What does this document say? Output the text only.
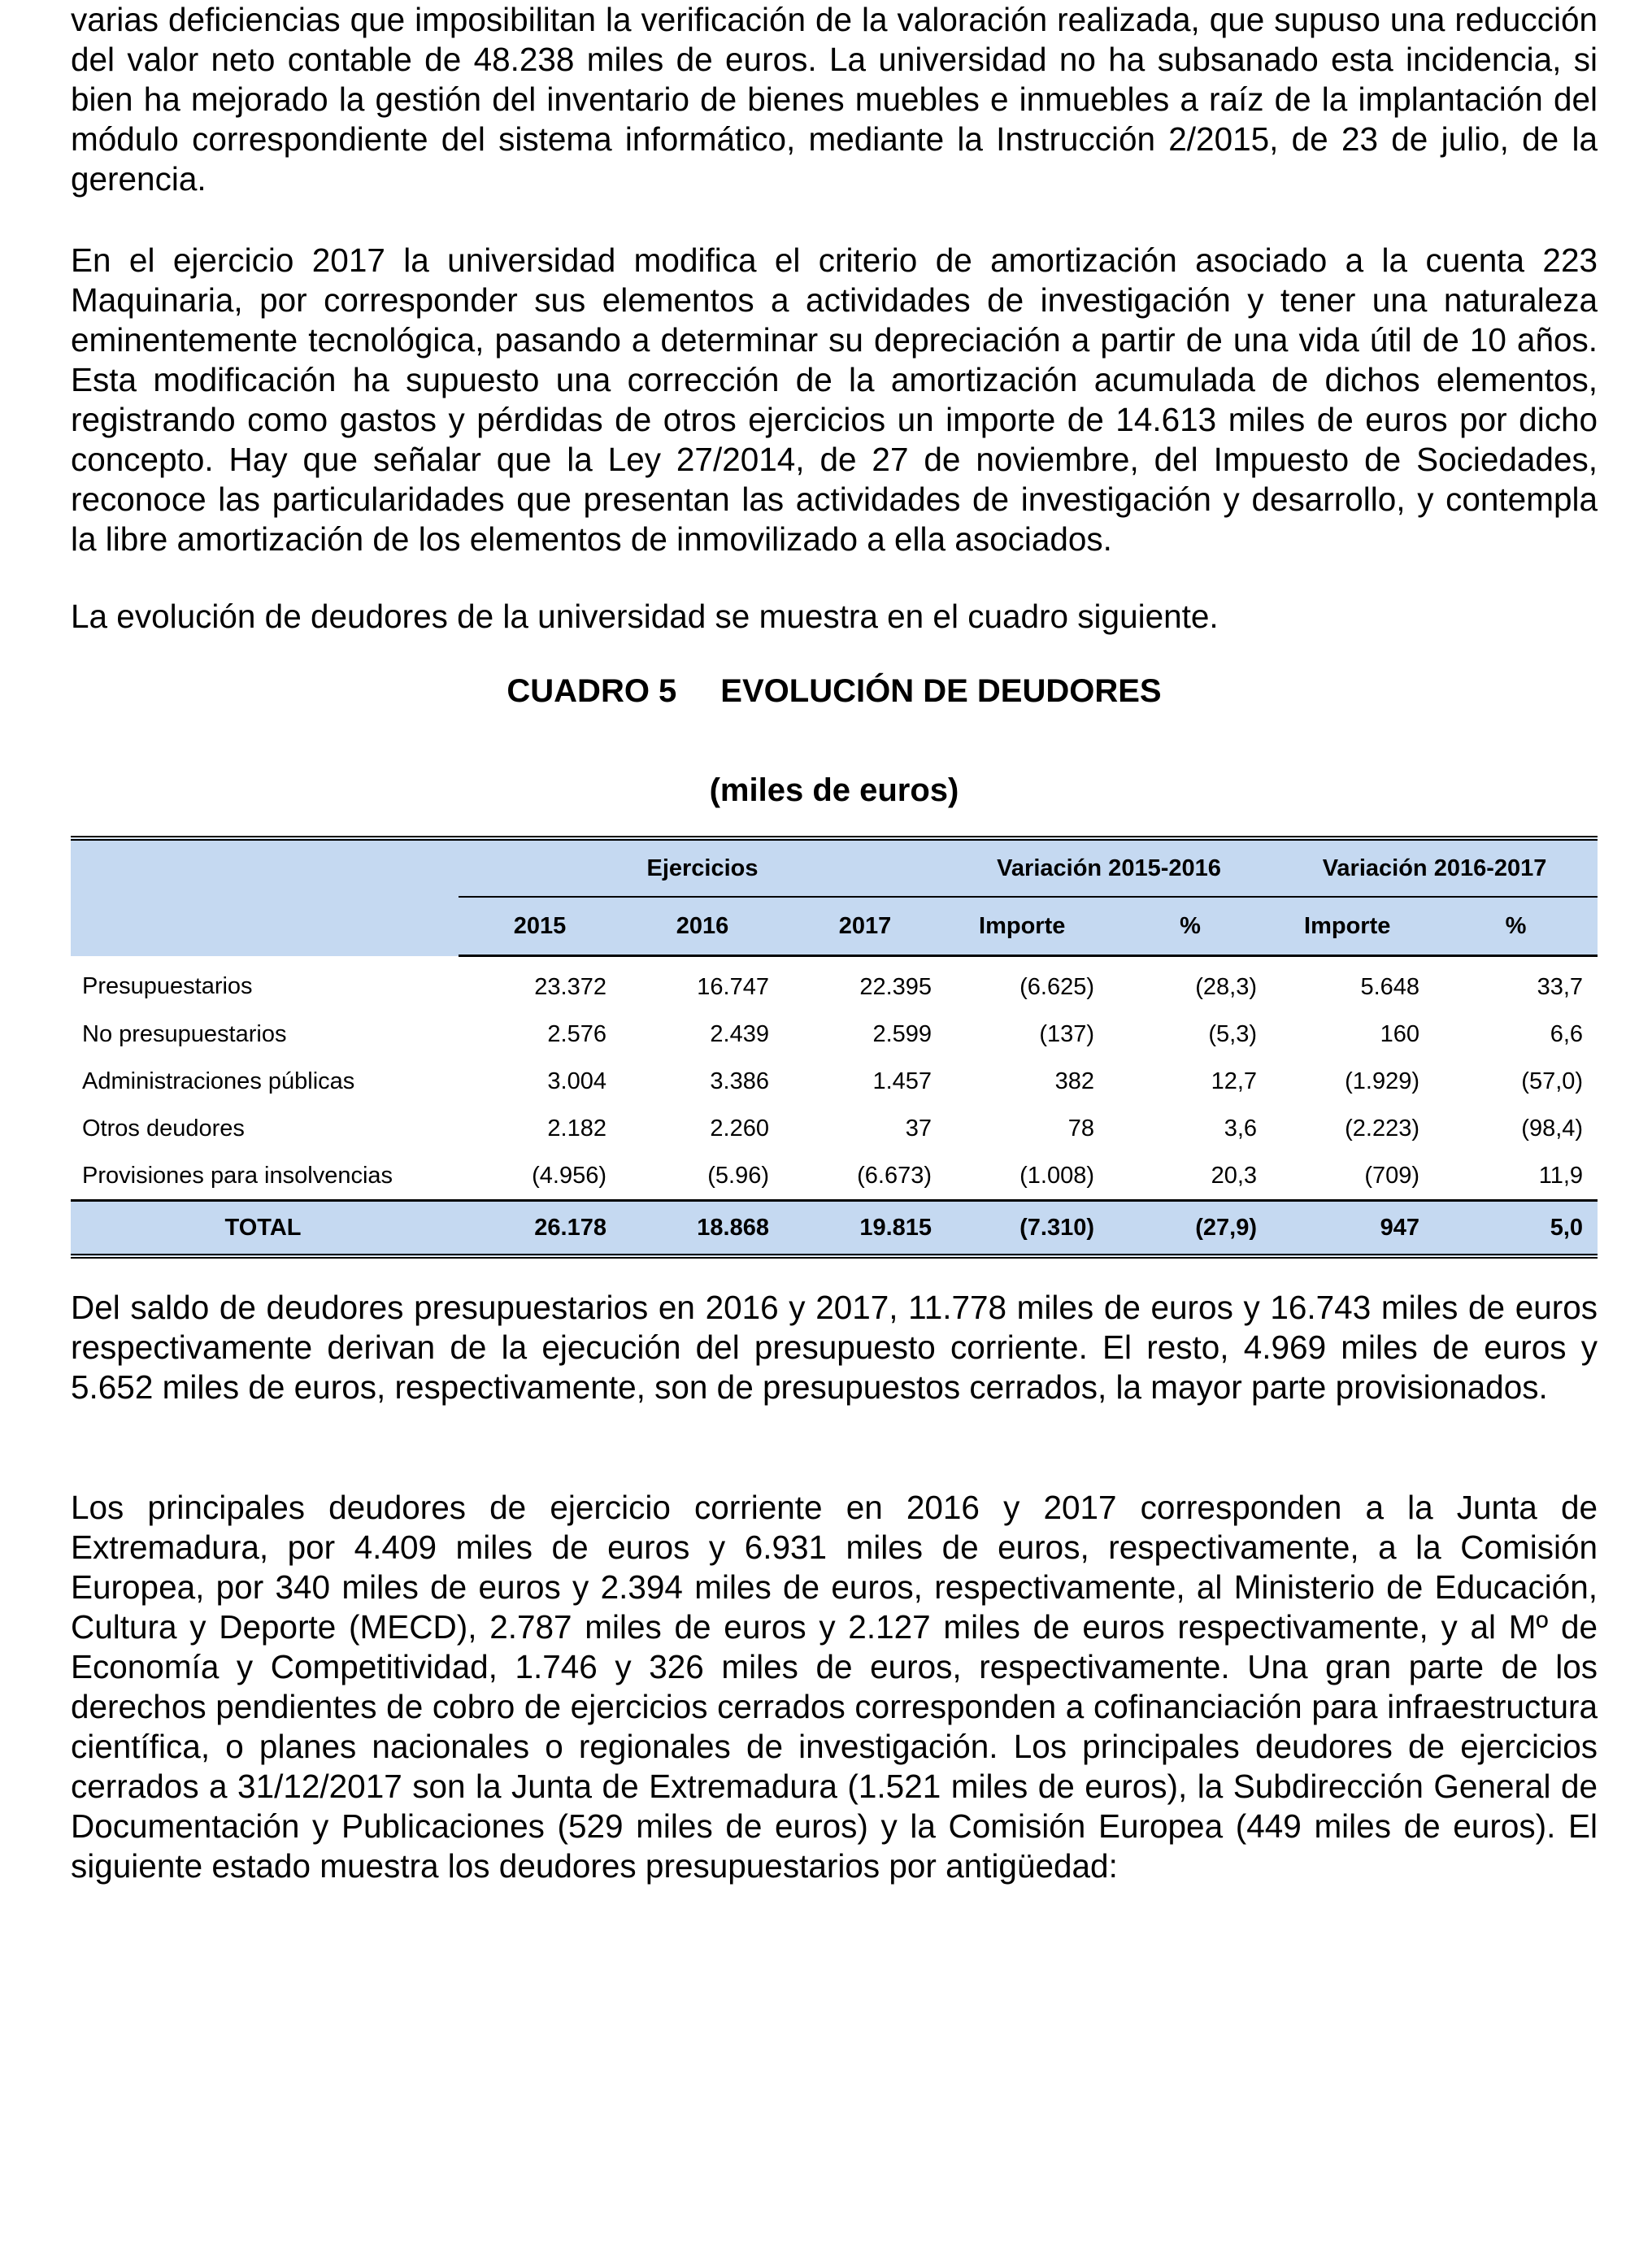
varias deficiencias que imposibilitan la verificación de la valoración realizada, que supuso una reducción del valor neto contable de 48.238 miles de euros. La universidad no ha subsanado esta incidencia, si bien ha mejorado la gestión del inventario de bienes muebles e inmuebles a raíz de la implantación del módulo correspondiente del sistema informático, mediante la Instrucción 2/2015, de 23 de julio, de la gerencia.

En el ejercicio 2017 la universidad modifica el criterio de amortización asociado a la cuenta 223 Maquinaria, por corresponder sus elementos a actividades de investigación y tener una naturaleza eminentemente tecnológica, pasando a determinar su depreciación a partir de una vida útil de 10 años. Esta modificación ha supuesto una corrección de la amortización acumulada de dichos elementos, registrando como gastos y pérdidas de otros ejercicios un importe de 14.613 miles de euros por dicho concepto. Hay que señalar que la Ley 27/2014, de 27 de noviembre, del Impuesto de Sociedades, reconoce las particularidades que presentan las actividades de investigación y desarrollo, y contempla la libre amortización de los elementos de inmovilizado a ella asociados.

La evolución de deudores de la universidad se muestra en el cuadro siguiente.

CUADRO 5 EVOLUCIÓN DE DEUDORES
(miles de euros)
	Ejercicios			Variación 2015-2016		Variación 2016-2017	
	2015	2016	2017	Importe	%	Importe	%
Presupuestarios	23.372	16.747	22.395	(6.625)	(28,3)	5.648	33,7
No presupuestarios	2.576	2.439	2.599	(137)	(5,3)	160	6,6
Administraciones públicas	3.004	3.386	1.457	382	12,7	(1.929)	(57,0)
Otros deudores	2.182	2.260	37	78	3,6	(2.223)	(98,4)
Provisiones para insolvencias	(4.956)	(5.96)	(6.673)	(1.008)	20,3	(709)	11,9
TOTAL	26.178	18.868	19.815	(7.310)	(27,9)	947	5,0

Del saldo de deudores presupuestarios en 2016 y 2017, 11.778 miles de euros y 16.743 miles de euros respectivamente derivan de la ejecución del presupuesto corriente. El resto, 4.969 miles de euros y 5.652 miles de euros, respectivamente, son de presupuestos cerrados, la mayor parte provisionados.

Los principales deudores de ejercicio corriente en 2016 y 2017 corresponden a la Junta de Extremadura, por 4.409 miles de euros y 6.931 miles de euros, respectivamente, a la Comisión Europea, por 340 miles de euros y 2.394 miles de euros, respectivamente, al Ministerio de Educación, Cultura y Deporte (MECD), 2.787 miles de euros y 2.127 miles de euros respectivamente, y al Mº de Economía y Competitividad, 1.746 y 326 miles de euros, respectivamente. Una gran parte de los derechos pendientes de cobro de ejercicios cerrados corresponden a cofinanciación para infraestructura científica, o planes nacionales o regionales de investigación. Los principales deudores de ejercicios cerrados a 31/12/2017 son la Junta de Extremadura (1.521 miles de euros), la Subdirección General de Documentación y Publicaciones (529 miles de euros) y la Comisión Europea (449 miles de euros). El siguiente estado muestra los deudores presupuestarios por antigüedad:
